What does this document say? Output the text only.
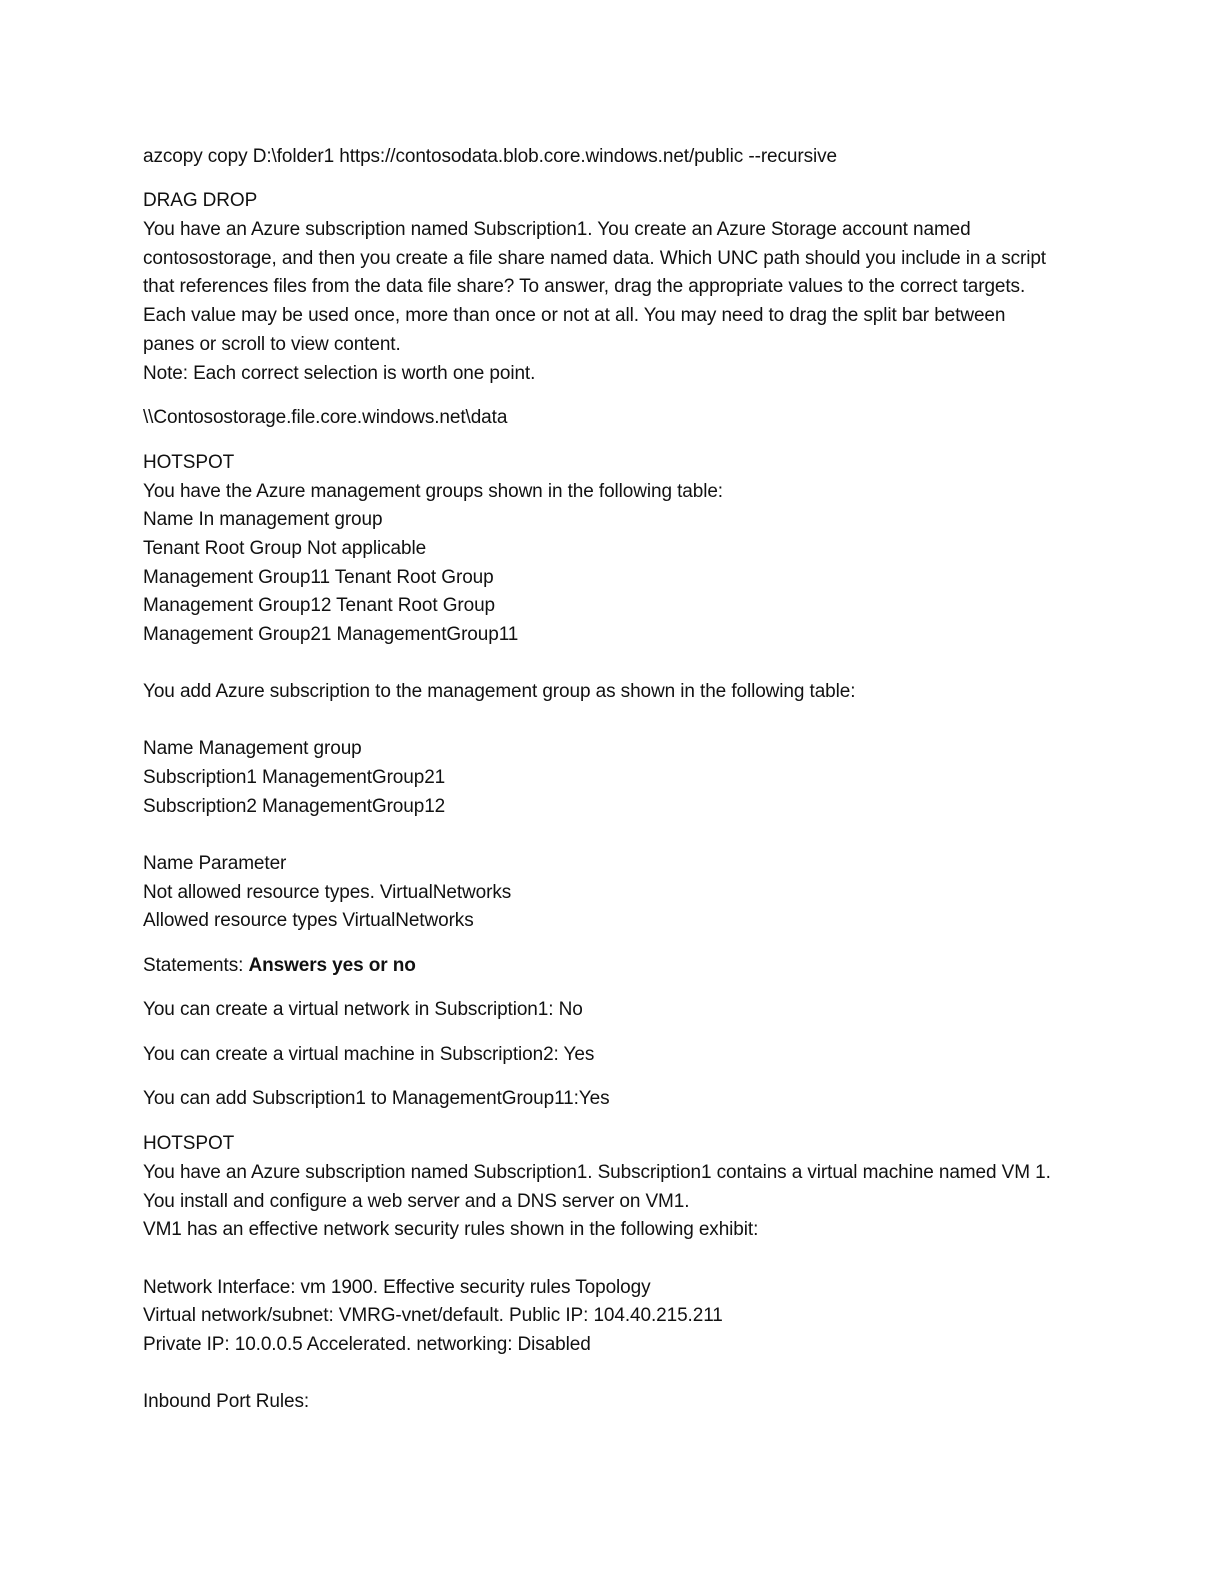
azcopy copy D:\folder1 https://contosodata.blob.core.windows.net/public --recursive
DRAG DROP
You have an Azure subscription named Subscription1. You create an Azure Storage account named
contosostorage, and then you create a file share named data. Which UNC path should you include in a script
that references files from the data file share? To answer, drag the appropriate values to the correct targets.
Each value may be used once, more than once or not at all. You may need to drag the split bar between
panes or scroll to view content.
Note: Each correct selection is worth one point.
\\Contosostorage.file.core.windows.net\data
HOTSPOT
You have the Azure management groups shown in the following table:
Name In management group
Tenant Root Group Not applicable
Management Group11 Tenant Root Group
Management Group12 Tenant Root Group
Management Group21 ManagementGroup11
You add Azure subscription to the management group as shown in the following table:
Name Management group
Subscription1 ManagementGroup21
Subscription2 ManagementGroup12
Name Parameter
Not allowed resource types. VirtualNetworks
Allowed resource types VirtualNetworks
Statements: Answers yes or no
You can create a virtual network in Subscription1: No
You can create a virtual machine in Subscription2: Yes
You can add Subscription1 to ManagementGroup11:Yes
HOTSPOT
You have an Azure subscription named Subscription1. Subscription1 contains a virtual machine named VM 1.
You install and configure a web server and a DNS server on VM1.
VM1 has an effective network security rules shown in the following exhibit:
Network Interface: vm 1900. Effective security rules Topology
Virtual network/subnet: VMRG-vnet/default. Public IP: 104.40.215.211
Private IP: 10.0.0.5 Accelerated. networking: Disabled
Inbound Port Rules:
